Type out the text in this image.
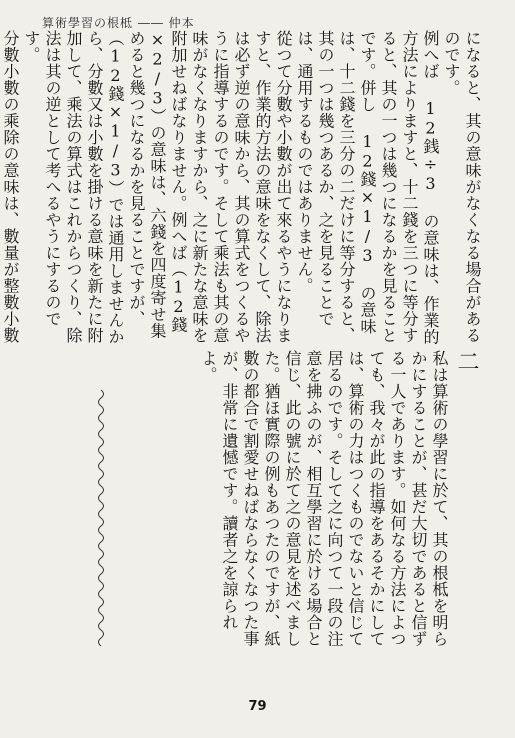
算術學習の根柢 ―― 仲本

になると、其の意味がなくなる場合があるのです。

例へば 12銭÷3 の意味は、作業的方法によりますと、十二錢を三つに等分すると、其の一つは幾つになるかを見ることです。併し 12錢×1/3 の意味は、十二錢を三分の二だけに等分すると、其の一つは幾つあるか、之を見ることでは、通用するものではありません。

從つて分數や小數が出て來るやうになりますと、作業的方法の意味をなくして、除法は必ず逆の意味から、其の算式をつくるやうに指導するのです。そして乘法も其の意味がなくなりますから、之に新たな意味を附加せねばなりません。例へば（12錢×2/3）の意味は、六錢を四度寄せ集めると幾つになるかを見ることですが、（12錢×1/3）では通用しませんから、分數又は小數を掛ける意味を新たに附加して、乘法の算式はこれからつくり、除法は其の逆として考へるやうにするのです。

分數小數の乘除の意味は、數量が整數小數

二

私は算術の學習に於て、其の根柢を明らかにすることが、甚だ大切であると信ずる一人であります。如何なる方法によつても、我々が此の指導をあるそかにしては、算術の力はつくものでないと信じて居るのです。そして之に向つて一段の注意を拂ふのが、相互學習に於ける場合と信じ、此の號に於て之の意見を述べました。猶ほ實際の例もあつたのですが、紙數の都合で割愛せねばならなくなつた事が、非常に遺憾です。讀者之を諒られよ。

79
